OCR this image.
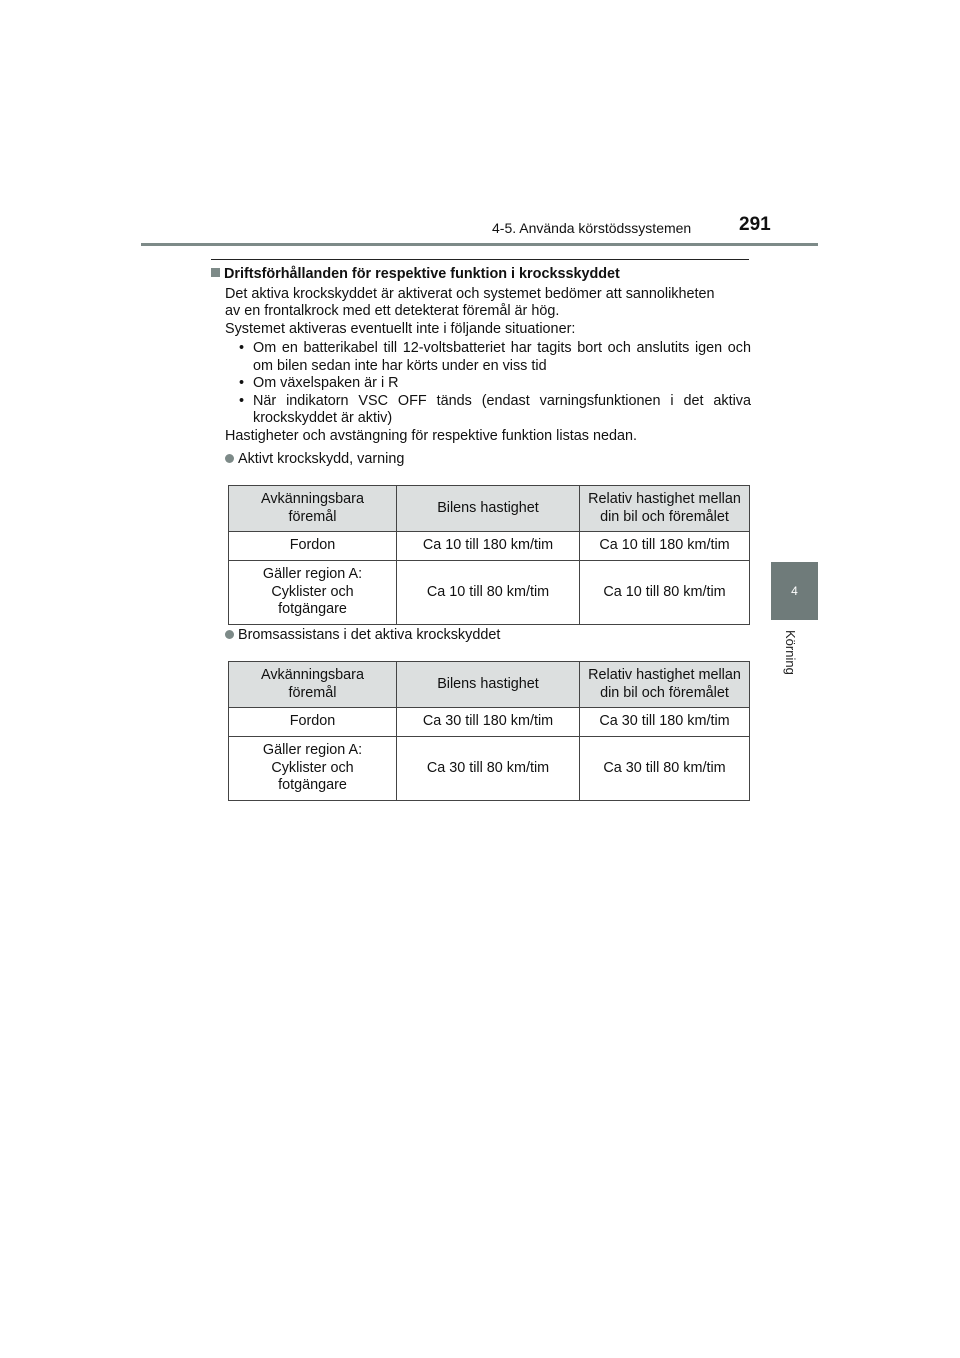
4-5. Använda körstödssystemen	291
4
Körning
Driftsförhållanden för respektive funktion i krocksskyddet
Det aktiva krockskyddet är aktiverat och systemet bedömer att sannolikheten
av en frontalkrock med ett detekterat föremål är hög.
Systemet aktiveras eventuellt inte i följande situationer:
• Om en batterikabel till 12-voltsbatteriet har tagits bort och anslutits igen och om bilen sedan inte har körts under en viss tid
• Om växelspaken är i R
• När indikatorn VSC OFF tänds (endast varningsfunktionen i det aktiva krockskyddet är aktiv)
Hastigheter och avstängning för respektive funktion listas nedan.
Aktivt krockskydd, varning
Avkänningsbara
föremål	Bilens hastighet	Relativ hastighet mellan
din bil och föremålet
Fordon	Ca 10 till 180 km/tim	Ca 10 till 180 km/tim
Gäller region A:
Cyklister och
fotgängare	Ca 10 till 80 km/tim	Ca 10 till 80 km/tim
Bromsassistans i det aktiva krockskyddet
Avkänningsbara
föremål	Bilens hastighet	Relativ hastighet mellan
din bil och föremålet
Fordon	Ca 30 till 180 km/tim	Ca 30 till 180 km/tim
Gäller region A:
Cyklister och
fotgängare	Ca 30 till 80 km/tim	Ca 30 till 80 km/tim
